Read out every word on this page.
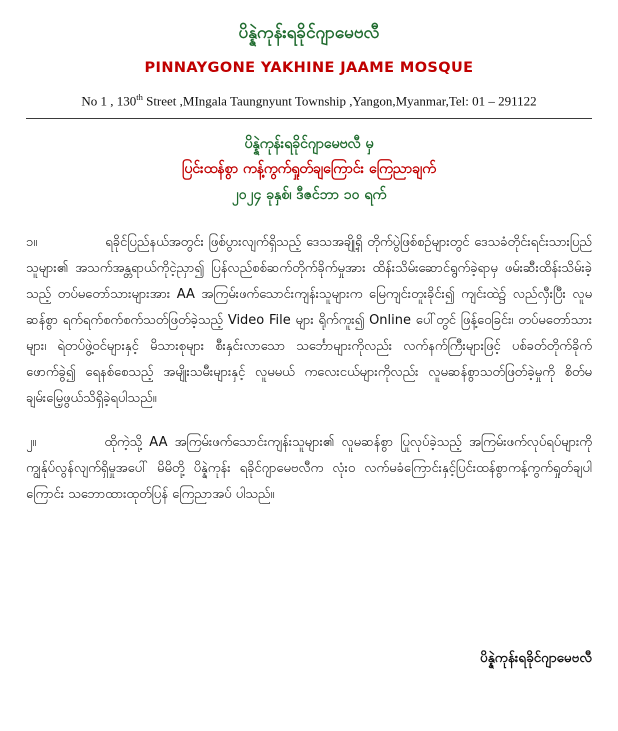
ပိန္နဲကုန်းရခိုင်ဂျာမေဗလီ
PINNAYGONE YAKHINE JAAME MOSQUE
No 1 , 130th Street ,MIngala Taungnyunt Township ,Yangon,Myanmar,Tel: 01 – 291122
ပိန္နဲကုန်းရခိုင်ဂျာမေဗလီ မှ
ပြင်းထန်စွာ ကန့်ကွက်ရှုတ်ချကြောင်း ကြေညာချက်
၂၀၂၄ ခုနှစ်၊ ဒီဇင်ဘာ ၁၀ ရက်
၁။	ရခိုင်ပြည်နယ်အတွင်း ဖြစ်ပွားလျက်ရှိသည့် ဒေသအချို့ရှိ တိုက်ပွဲဖြစ်စဉ်များတွင် ဒေသခံတိုင်းရင်းသားပြည်သူများ၏ အသက်အန္တရာယ်ကိုငဲ့ညှာ၍ ပြန်လည်စစ်ဆက်တိုက်ခိုက်မှုအား ထိန်းသိမ်းဆောင်ရွက်ခဲ့ရာမှ ဖမ်းဆီးထိန်းသိမ်းခဲ့သည့် တပ်မတော်သားများအား AA အကြမ်းဖက်သောင်းကျန်းသူများက မြေကျင်းတူးခိုင်း၍ ကျင်းထဲ၌ လည်လှီးပြီး လူမဆန်စွာ ရက်ရက်စက်စက်သတ်ဖြတ်ခဲ့သည့် Video File များ ရိုက်ကူး၍ Online ပေါ်တွင် ဖြန့်ဝေခြင်း၊ တပ်မတော်သားများ၊ ရဲတပ်ဖွဲ့ဝင်များနှင့် မိသားစုများ စီးနှင်းလာသော သင်္ဘောများကိုလည်း လက်နက်ကြီးများဖြင့် ပစ်ခတ်တိုက်ခိုက်ဖောက်ခွဲ၍ ရေနစ်စေသည့် အမျိုးသမီးများနှင့် လူမမယ် ကလေးငယ်များကိုလည်း လူမဆန်စွာသတ်ဖြတ်ခဲ့မှုကို စိတ်မချမ်းမြေ့ဖွယ်သိရှိခဲ့ရပါသည်။
၂။	ထိုကဲ့သို့ AA အကြမ်းဖက်သောင်းကျန်းသူများ၏ လူမဆန်စွာ ပြုလုပ်ခဲ့သည့် အကြမ်းဖက်လုပ်ရပ်များကို ကျွန်ုပ်လွန်လျက်ရှိမှုအပေါ် မိမိတို့ ပိန္နဲကုန်း ရခိုင်ဂျာမေဗလီက လုံး၀ လက်မခံကြောင်းနှင့်ပြင်းထန်စွာကန့်ကွက်ရှုတ်ချပါကြောင်း သဘောထားထုတ်ပြန် ကြေညာအပ် ပါသည်။
ပိန္နဲကုန်းရခိုင်ဂျာမေဗလီ
